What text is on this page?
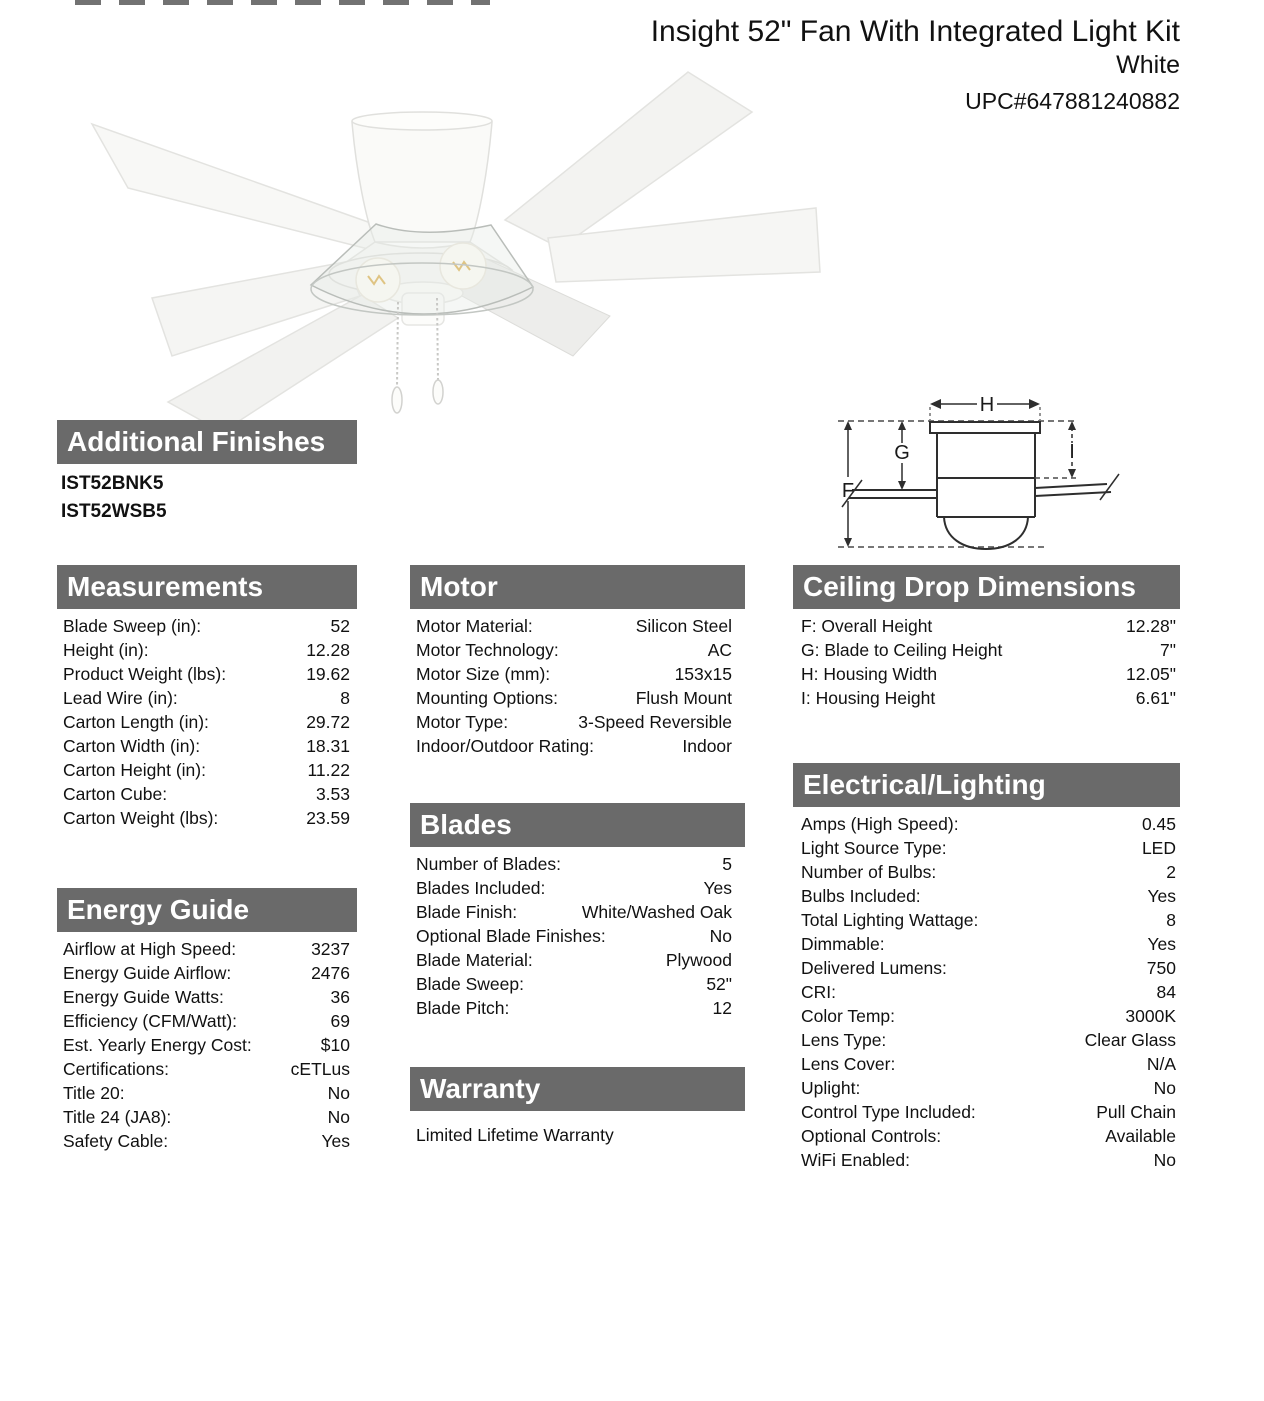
Insight 52" Fan With Integrated Light Kit
White
UPC#647881240882
H
F
G	I
Additional Finishes
IST52BNK5
IST52WSB5
Measurements
Blade Sweep (in):	52
Height (in):	12.28
Product Weight (lbs):	19.62
Lead Wire (in):	8
Carton Length (in):	29.72
Carton Width (in):	18.31
Carton Height (in):	11.22
Carton Cube:	3.53
Carton Weight (lbs):	23.59
Energy Guide
Airflow at High Speed:	3237
Energy Guide Airflow:	2476
Energy Guide Watts:	36
Efficiency (CFM/Watt):	69
Est. Yearly Energy Cost:	$10
Certifications:	cETLus
Title 20:	No
Title 24 (JA8):	No
Safety Cable:	Yes
Motor
Motor Material:	Silicon Steel
Motor Technology:	AC
Motor Size (mm):	153x15
Mounting Options:	Flush Mount
Motor Type:	3-Speed Reversible
Indoor/Outdoor Rating:	Indoor
Blades
Number of Blades:	5
Blades Included:	Yes
Blade Finish:	White/Washed Oak
Optional Blade Finishes:	No
Blade Material:	Plywood
Blade Sweep:	52"
Blade Pitch:	12
Warranty
Limited Lifetime Warranty
Ceiling Drop Dimensions
F: Overall Height	12.28"
G: Blade to Ceiling Height	7"
H: Housing Width	12.05"
I: Housing Height	6.61"
Electrical/Lighting
Amps (High Speed):	0.45
Light Source Type:	LED
Number of Bulbs:	2
Bulbs Included:	Yes
Total Lighting Wattage:	8
Dimmable:	Yes
Delivered Lumens:	750
CRI:	84
Color Temp:	3000K
Lens Type:	Clear Glass
Lens Cover:	N/A
Uplight:	No
Control Type Included:	Pull Chain
Optional Controls:	Available
WiFi Enabled:	No
